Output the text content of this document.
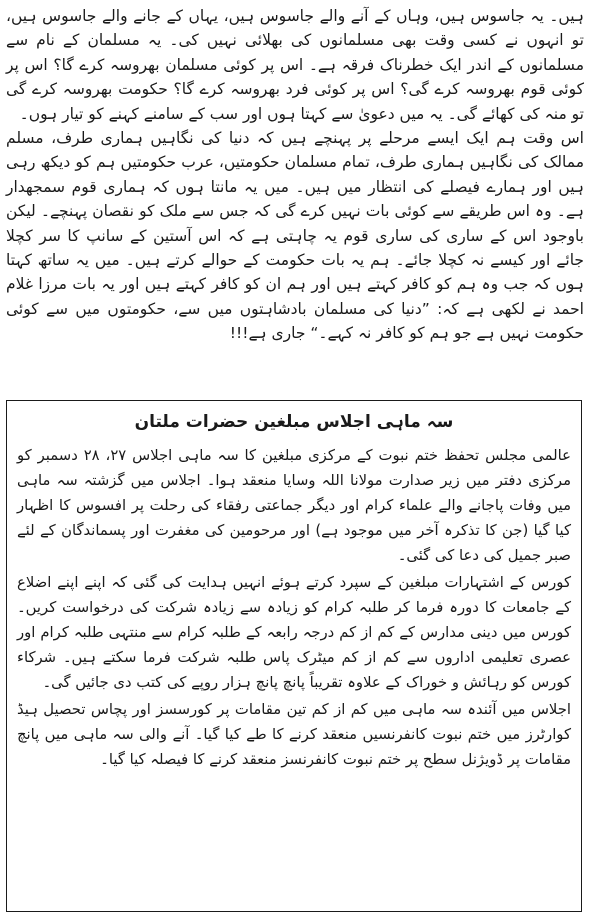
ہیں۔ یہ جاسوس ہیں، وہاں کے آنے والے جاسوس ہیں، یہاں کے جانے والے جاسوس ہیں، تو انہوں نے کسی وقت بھی مسلمانوں کی بھلائی نہیں کی۔ یہ مسلمان کے نام سے مسلمانوں کے اندر ایک خطرناک فرقہ ہے۔ اس پر کوئی مسلمان بھروسہ کرے گا؟ اس پر کوئی قوم بھروسہ کرے گی؟ اس پر کوئی فرد بھروسہ کرے گا؟ حکومت بھروسہ کرے گی تو منہ کی کھائے گی۔ یہ میں دعویٰ سے کہتا ہوں اور سب کے سامنے کہنے کو تیار ہوں۔

اس وقت ہم ایک ایسے مرحلے پر پہنچے ہیں کہ دنیا کی نگاہیں ہماری طرف، مسلم ممالک کی نگاہیں ہماری طرف، تمام مسلمان حکومتیں، عرب حکومتیں ہم کو دیکھ رہی ہیں اور ہمارے فیصلے کی انتظار میں ہیں۔ میں یہ مانتا ہوں کہ ہماری قوم سمجھدار ہے۔ وہ اس طریقے سے کوئی بات نہیں کرے گی کہ جس سے ملک کو نقصان پہنچے۔ لیکن باوجود اس کے ساری کی ساری قوم یہ چاہتی ہے کہ اس آستین کے سانپ کا سر کچلا جائے اور کیسے نہ کچلا جائے۔ ہم یہ بات حکومت کے حوالے کرتے ہیں۔ میں یہ ساتھ کہتا ہوں کہ جب وہ ہم کو کافر کہتے ہیں اور ہم ان کو کافر کہتے ہیں اور یہ بات مرزا غلام احمد نے لکھی ہے کہ: ”دنیا کی مسلمان بادشاہتوں میں سے، حکومتوں میں سے کوئی حکومت نہیں ہے جو ہم کو کافر نہ کہے۔“ جاری ہے!!!

سہ ماہی اجلاس مبلغین حضرات ملتان

عالمی مجلس تحفظ ختم نبوت کے مرکزی مبلغین کا سہ ماہی اجلاس ۲۷، ۲۸ دسمبر کو مرکزی دفتر میں زیر صدارت مولانا اللہ وسایا منعقد ہوا۔ اجلاس میں گزشتہ سہ ماہی میں وفات پاجانے والے علماء کرام اور دیگر جماعتی رفقاء کی رحلت پر افسوس کا اظہار کیا گیا (جن کا تذکرہ آخر میں موجود ہے) اور مرحومین کی مغفرت اور پسماندگان کے لئے صبر جمیل کی دعا کی گئی۔

کورس کے اشتہارات مبلغین کے سپرد کرتے ہوئے انہیں ہدایت کی گئی کہ اپنے اپنے اضلاع کے جامعات کا دورہ فرما کر طلبہ کرام کو زیادہ سے زیادہ شرکت کی درخواست کریں۔ کورس میں دینی مدارس کے کم از کم درجہ رابعہ کے طلبہ کرام سے منتہی طلبہ کرام اور عصری تعلیمی اداروں سے کم از کم میٹرک پاس طلبہ شرکت فرما سکتے ہیں۔ شرکاء کورس کو رہائش و خوراک کے علاوہ تقریباً پانچ پانچ ہزار روپے کی کتب دی جائیں گی۔

اجلاس میں آئندہ سہ ماہی میں کم از کم تین مقامات پر کورسسز اور پچاس تحصیل ہیڈ کوارٹرز میں ختم نبوت کانفرنسیں منعقد کرنے کا طے کیا گیا۔ آنے والی سہ ماہی میں پانچ مقامات پر ڈویژنل سطح پر ختم نبوت کانفرنسز منعقد کرنے کا فیصلہ کیا گیا۔
